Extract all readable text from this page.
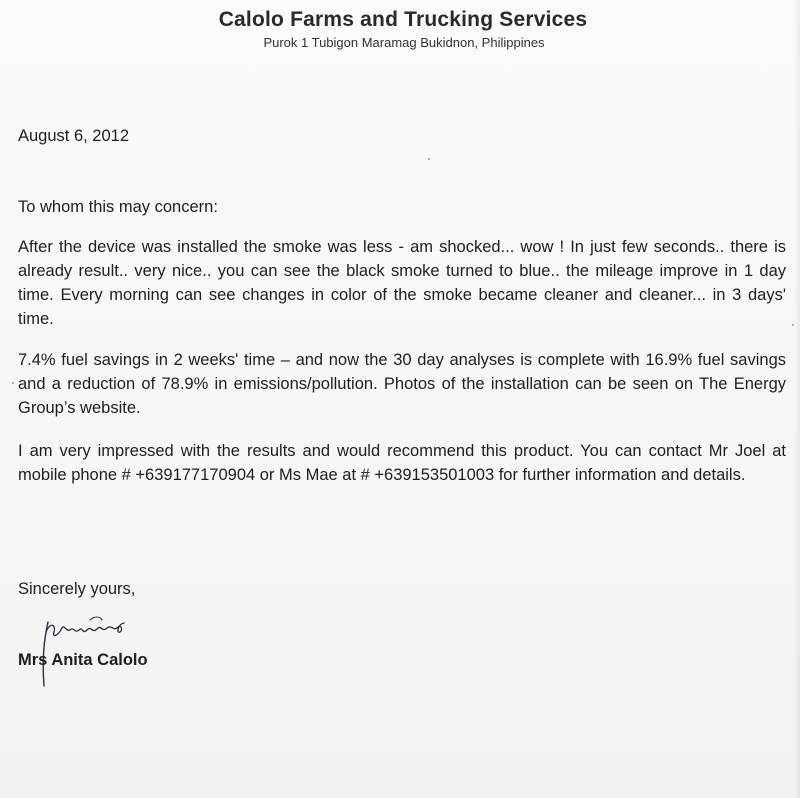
Calolo Farms and Trucking Services
Purok 1 Tubigon Maramag Bukidnon, Philippines
August 6, 2012
To whom this may concern:
After the device was installed the smoke was less - am shocked... wow ! In just few seconds.. there is already result.. very nice.. you can see the black smoke turned to blue.. the mileage improve in 1 day time. Every morning can see changes in color of the smoke became cleaner and cleaner... in 3 days' time.
7.4% fuel savings in 2 weeks' time – and now the 30 day analyses is complete with 16.9% fuel savings and a reduction of 78.9% in emissions/pollution. Photos of the installation can be seen on The Energy Group’s website.
I am very impressed with the results and would recommend this product. You can contact Mr Joel at mobile phone # +639177170904 or Ms Mae at # +639153501003 for further information and details.
Sincerely yours,
Mrs Anita Calolo
